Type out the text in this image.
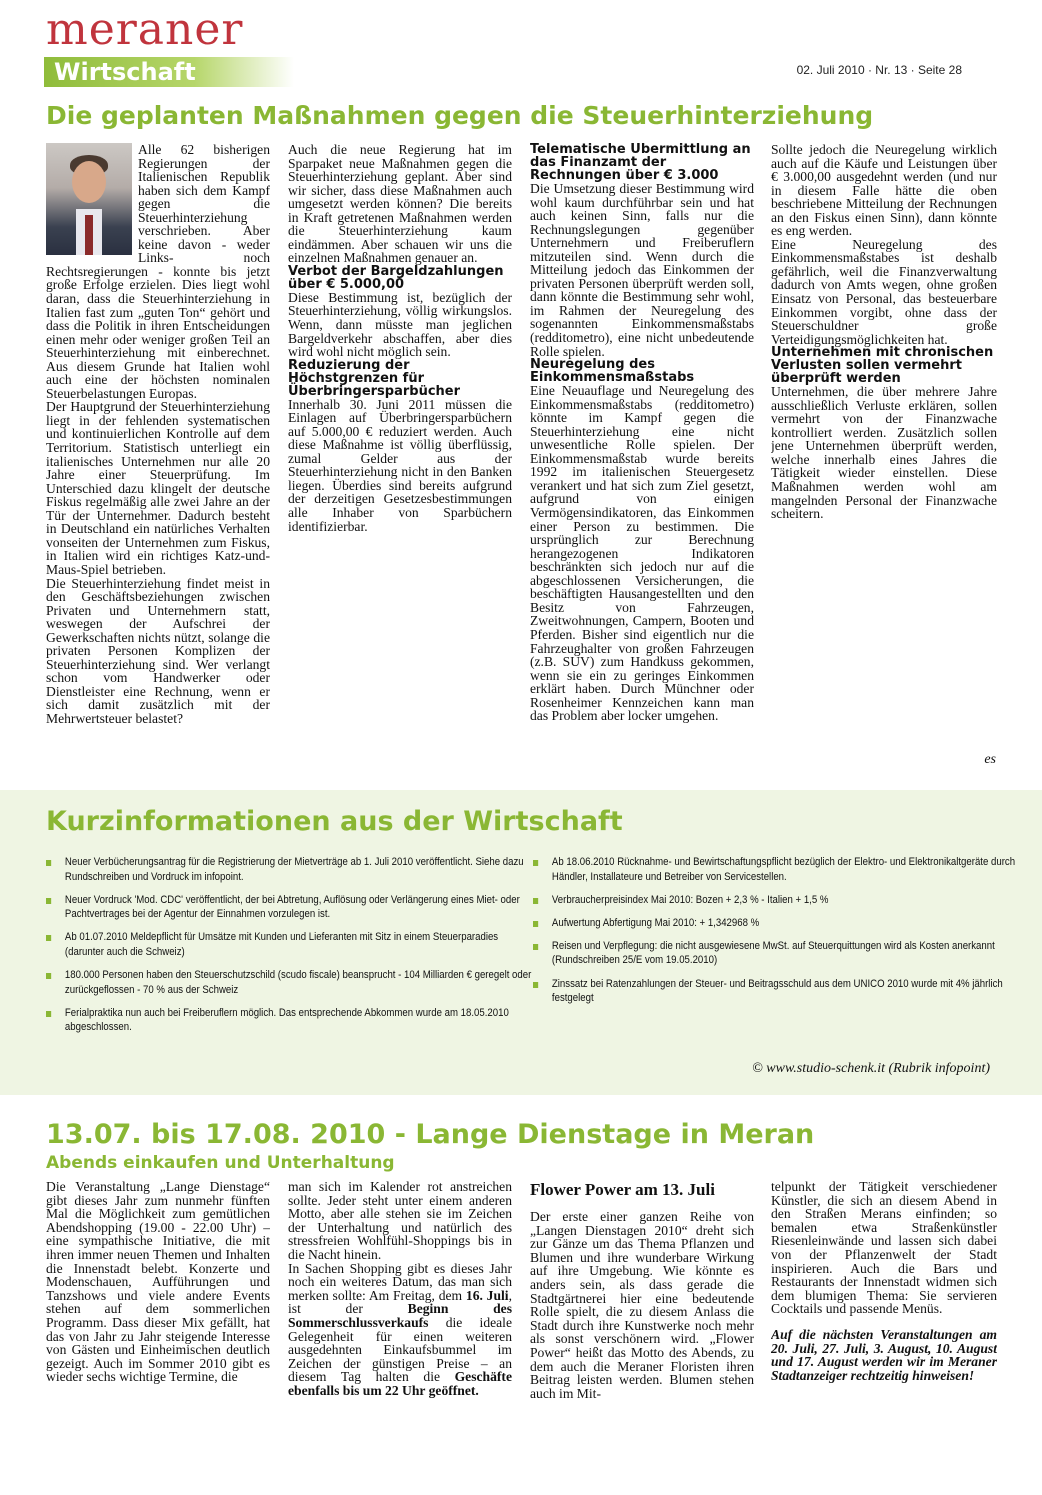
meraner
Wirtschaft	02. Juli 2010 · Nr. 13 · Seite 28
Die geplanten Maßnahmen gegen die Steuerhinterziehung

Alle 62 bisherigen Regierungen der Italienischen Republik haben sich dem Kampf gegen die Steuerhinterziehung verschrieben. Aber keine davon - weder Links- noch Rechtsregierungen - konnte bis jetzt große Erfolge erzielen. Dies liegt wohl daran, dass die Steuerhinterziehung in Italien fast zum „guten Ton“ gehört und dass die Politik in ihren Entscheidungen einen mehr oder weniger großen Teil an Steuerhinterziehung mit einberechnet. Aus diesem Grunde hat Italien wohl auch eine der höchsten nominalen Steuerbelastungen Europas.

Der Hauptgrund der Steuerhinterziehung liegt in der fehlenden systematischen und kontinuierlichen Kontrolle auf dem Territorium. Statistisch unterliegt ein italienisches Unternehmen nur alle 20 Jahre einer Steuerprüfung. Im Unterschied dazu klingelt der deutsche Fiskus regelmäßig alle zwei Jahre an der Tür der Unternehmer. Dadurch besteht in Deutschland ein natürliches Verhalten vonseiten der Unternehmen zum Fiskus, in Italien wird ein richtiges Katz-und-Maus-Spiel betrieben.

Die Steuerhinterziehung findet meist in den Geschäftsbeziehungen zwischen Privaten und Unternehmern statt, weswegen der Aufschrei der Gewerkschaften nichts nützt, solange die privaten Personen Komplizen der Steuerhinterziehung sind. Wer verlangt schon vom Handwerker oder Dienstleister eine Rechnung, wenn er sich damit zusätzlich mit der Mehrwertsteuer belastet?

Auch die neue Regierung hat im Sparpaket neue Maßnahmen gegen die Steuerhinterziehung geplant. Aber sind wir sicher, dass diese Maßnahmen auch umgesetzt werden können? Die bereits in Kraft getretenen Maßnahmen werden die Steuerhinterziehung kaum eindämmen. Aber schauen wir uns die einzelnen Maßnahmen genauer an.

Verbot der Bargeldzahlungen über € 5.000,00

Diese Bestimmung ist, bezüglich der Steuerhinterziehung, völlig wirkungslos. Wenn, dann müsste man jeglichen Bargeldverkehr abschaffen, aber dies wird wohl nicht möglich sein.

Reduzierung der Höchstgrenzen für Überbringersparbücher

Innerhalb 30. Juni 2011 müssen die Einlagen auf Überbringersparbüchern auf 5.000,00 € reduziert werden. Auch diese Maßnahme ist völlig überflüssig, zumal Gelder aus der Steuerhinterziehung nicht in den Banken liegen. Überdies sind bereits aufgrund der derzeitigen Gesetzesbestimmungen alle Inhaber von Sparbüchern identifizierbar.

Telematische Übermittlung an das Finanzamt der Rechnungen über € 3.000

Die Umsetzung dieser Bestimmung wird wohl kaum durchführbar sein und hat auch keinen Sinn, falls nur die Rechnungslegungen gegenüber Unternehmern und Freiberuflern mitzuteilen sind. Wenn durch die Mitteilung jedoch das Einkommen der privaten Personen überprüft werden soll, dann könnte die Bestimmung sehr wohl, im Rahmen der Neuregelung des sogenannten Einkommensmaßstabs (redditometro), eine nicht unbedeutende Rolle spielen.

Neuregelung des Einkommensmaßstabs

Eine Neuauflage und Neuregelung des Einkommensmaßstabs (redditometro) könnte im Kampf gegen die Steuerhinterziehung eine nicht unwesentliche Rolle spielen. Der Einkommensmaßstab wurde bereits 1992 im italienischen Steuergesetz verankert und hat sich zum Ziel gesetzt, aufgrund von einigen Vermögensindikatoren, das Einkommen einer Person zu bestimmen. Die ursprünglich zur Berechnung herangezogenen Indikatoren beschränkten sich jedoch nur auf die abgeschlossenen Versicherungen, die beschäftigten Hausangestellten und den Besitz von Fahrzeugen, Zweitwohnungen, Campern, Booten und Pferden. Bisher sind eigentlich nur die Fahrzeughalter von großen Fahrzeugen (z.B. SUV) zum Handkuss gekommen, wenn sie ein zu geringes Einkommen erklärt haben. Durch Münchner oder Rosenheimer Kennzeichen kann man das Problem aber locker umgehen.

Sollte jedoch die Neuregelung wirklich auch auf die Käufe und Leistungen über € 3.000,00 ausgedehnt werden (und nur in diesem Falle hätte die oben beschriebene Mitteilung der Rechnungen an den Fiskus einen Sinn), dann könnte es eng werden.

Eine Neuregelung des Einkommensmaßstabes ist deshalb gefährlich, weil die Finanzverwaltung dadurch von Amts wegen, ohne großen Einsatz von Personal, das besteuerbare Einkommen vorgibt, ohne dass der Steuerschuldner große Verteidigungsmöglichkeiten hat.

Unternehmen mit chronischen Verlusten sollen vermehrt überprüft werden

Unternehmen, die über mehrere Jahre ausschließlich Verluste erklären, sollen vermehrt von der Finanzwache kontrolliert werden. Zusätzlich sollen jene Unternehmen überprüft werden, welche innerhalb eines Jahres die Tätigkeit wieder einstellen. Diese Maßnahmen werden wohl am mangelnden Personal der Finanzwache scheitern.

es
Kurzinformationen aus der Wirtschaft
Neuer Verbücherungsantrag für die Registrierung der Mietverträge ab 1. Juli 2010 veröffentlicht. Siehe dazu Rundschreiben und Vordruck im infopoint.
Neuer Vordruck 'Mod. CDC' veröffentlicht, der bei Abtretung, Auflösung oder Verlängerung eines Miet- oder Pachtvertrages bei der Agentur der Einnahmen vorzulegen ist.
Ab 01.07.2010 Meldepflicht für Umsätze mit Kunden und Lieferanten mit Sitz in einem Steuerparadies (darunter auch die Schweiz)
180.000 Personen haben den Steuerschutzschild (scudo fiscale) beansprucht - 104 Milliarden € geregelt oder zurückgeflossen - 70 % aus der Schweiz
Ferialpraktika nun auch bei Freiberuflern möglich. Das entsprechende Abkommen wurde am 18.05.2010 abgeschlossen.
Ab 18.06.2010 Rücknahme- und Bewirtschaftungspflicht bezüglich der Elektro- und Elektronikaltgeräte durch Händler, Installateure und Betreiber von Servicestellen.
Verbraucherpreisindex Mai 2010: Bozen + 2,3 % - Italien + 1,5 %
Aufwertung Abfertigung Mai 2010: + 1,342968 %
Reisen und Verpflegung: die nicht ausgewiesene MwSt. auf Steuerquittungen wird als Kosten anerkannt (Rundschreiben 25/E vom 19.05.2010)
Zinssatz bei Ratenzahlungen der Steuer- und Beitragsschuld aus dem UNICO 2010 wurde mit 4% jährlich festgelegt
© www.studio-schenk.it (Rubrik infopoint)
13.07. bis 17.08. 2010 - Lange Dienstage in Meran
Abends einkaufen und Unterhaltung

Die Veranstaltung „Lange Dienstage“ gibt dieses Jahr zum nunmehr fünften Mal die Möglichkeit zum gemütlichen Abendshopping (19.00 - 22.00 Uhr) – eine sympathische Initiative, die mit ihren immer neuen Themen und Inhalten die Innenstadt belebt. Konzerte und Modenschauen, Aufführungen und Tanzshows und viele andere Events stehen auf dem sommerlichen Programm. Dass dieser Mix gefällt, hat das von Jahr zu Jahr steigende Interesse von Gästen und Einheimischen deutlich gezeigt. Auch im Sommer 2010 gibt es wieder sechs wichtige Termine, die

man sich im Kalender rot anstreichen sollte. Jeder steht unter einem anderen Motto, aber alle stehen sie im Zeichen der Unterhaltung und natürlich des stressfreien Wohlfühl-Shoppings bis in die Nacht hinein.

In Sachen Shopping gibt es dieses Jahr noch ein weiteres Datum, das man sich merken sollte: Am Freitag, dem 16. Juli, ist der Beginn des Sommerschlussverkaufs die ideale Gelegenheit für einen weiteren ausgedehnten Einkaufsbummel im Zeichen der günstigen Preise – an diesem Tag halten die Geschäfte ebenfalls bis um 22 Uhr geöffnet.

Flower Power am 13. Juli

Der erste einer ganzen Reihe von „Langen Dienstagen 2010“ dreht sich zur Gänze um das Thema Pflanzen und Blumen und ihre wunderbare Wirkung auf ihre Umgebung. Wie könnte es anders sein, als dass gerade die Stadtgärtnerei hier eine bedeutende Rolle spielt, die zu diesem Anlass die Stadt durch ihre Kunstwerke noch mehr als sonst verschönern wird. „Flower Power“ heißt das Motto des Abends, zu dem auch die Meraner Floristen ihren Beitrag leisten werden. Blumen stehen auch im Mit-

telpunkt der Tätigkeit verschiedener Künstler, die sich an diesem Abend in den Straßen Merans einfinden; so bemalen etwa Straßenkünstler Riesenleinwände und lassen sich dabei von der Pflanzenwelt der Stadt inspirieren. Auch die Bars und Restaurants der Innenstadt widmen sich dem blumigen Thema: Sie servieren Cocktails und passende Menüs.

Auf die nächsten Veranstaltungen am 20. Juli, 27. Juli, 3. August, 10. August und 17. August werden wir im Meraner Stadtanzeiger rechtzeitig hinweisen!
